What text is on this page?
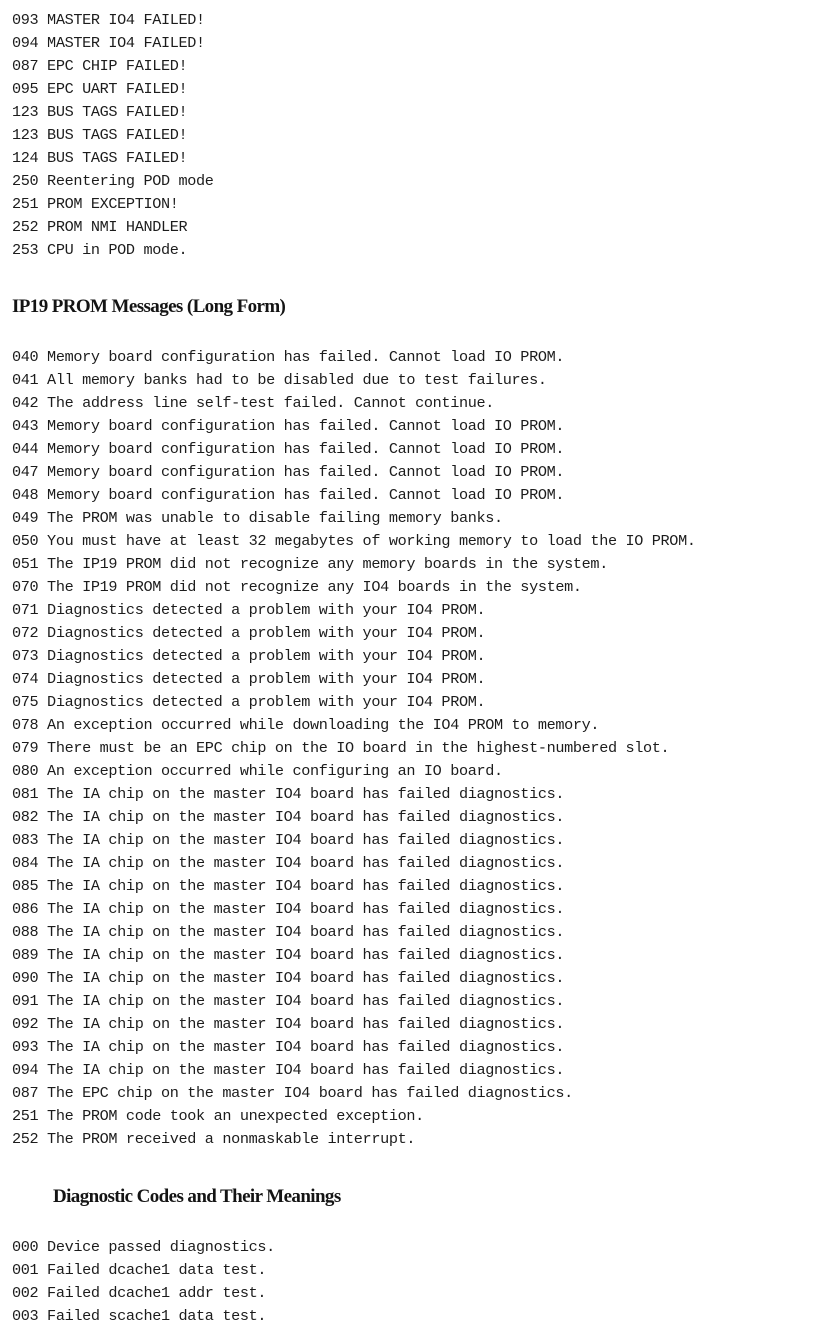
093 MASTER IO4 FAILED!
094 MASTER IO4 FAILED!
087 EPC CHIP FAILED!
095 EPC UART FAILED!
123 BUS TAGS FAILED!
123 BUS TAGS FAILED!
124 BUS TAGS FAILED!
250 Reentering POD mode
251 PROM EXCEPTION!
252 PROM NMI HANDLER
253 CPU in POD mode.
IP19 PROM Messages (Long Form)
040 Memory board configuration has failed. Cannot load IO PROM.
041 All memory banks had to be disabled due to test failures.
042 The address line self-test failed. Cannot continue.
043 Memory board configuration has failed. Cannot load IO PROM.
044 Memory board configuration has failed. Cannot load IO PROM.
047 Memory board configuration has failed. Cannot load IO PROM.
048 Memory board configuration has failed. Cannot load IO PROM.
049 The PROM was unable to disable failing memory banks.
050 You must have at least 32 megabytes of working memory to load the IO PROM.
051 The IP19 PROM did not recognize any memory boards in the system.
070 The IP19 PROM did not recognize any IO4 boards in the system.
071 Diagnostics detected a problem with your IO4 PROM.
072 Diagnostics detected a problem with your IO4 PROM.
073 Diagnostics detected a problem with your IO4 PROM.
074 Diagnostics detected a problem with your IO4 PROM.
075 Diagnostics detected a problem with your IO4 PROM.
078 An exception occurred while downloading the IO4 PROM to memory.
079 There must be an EPC chip on the IO board in the highest-numbered slot.
080 An exception occurred while configuring an IO board.
081 The IA chip on the master IO4 board has failed diagnostics.
082 The IA chip on the master IO4 board has failed diagnostics.
083 The IA chip on the master IO4 board has failed diagnostics.
084 The IA chip on the master IO4 board has failed diagnostics.
085 The IA chip on the master IO4 board has failed diagnostics.
086 The IA chip on the master IO4 board has failed diagnostics.
088 The IA chip on the master IO4 board has failed diagnostics.
089 The IA chip on the master IO4 board has failed diagnostics.
090 The IA chip on the master IO4 board has failed diagnostics.
091 The IA chip on the master IO4 board has failed diagnostics.
092 The IA chip on the master IO4 board has failed diagnostics.
093 The IA chip on the master IO4 board has failed diagnostics.
094 The IA chip on the master IO4 board has failed diagnostics.
087 The EPC chip on the master IO4 board has failed diagnostics.
251 The PROM code took an unexpected exception.
252 The PROM received a nonmaskable interrupt.
Diagnostic Codes and Their Meanings
000 Device passed diagnostics.
001 Failed dcache1 data test.
002 Failed dcache1 addr test.
003 Failed scache1 data test.
